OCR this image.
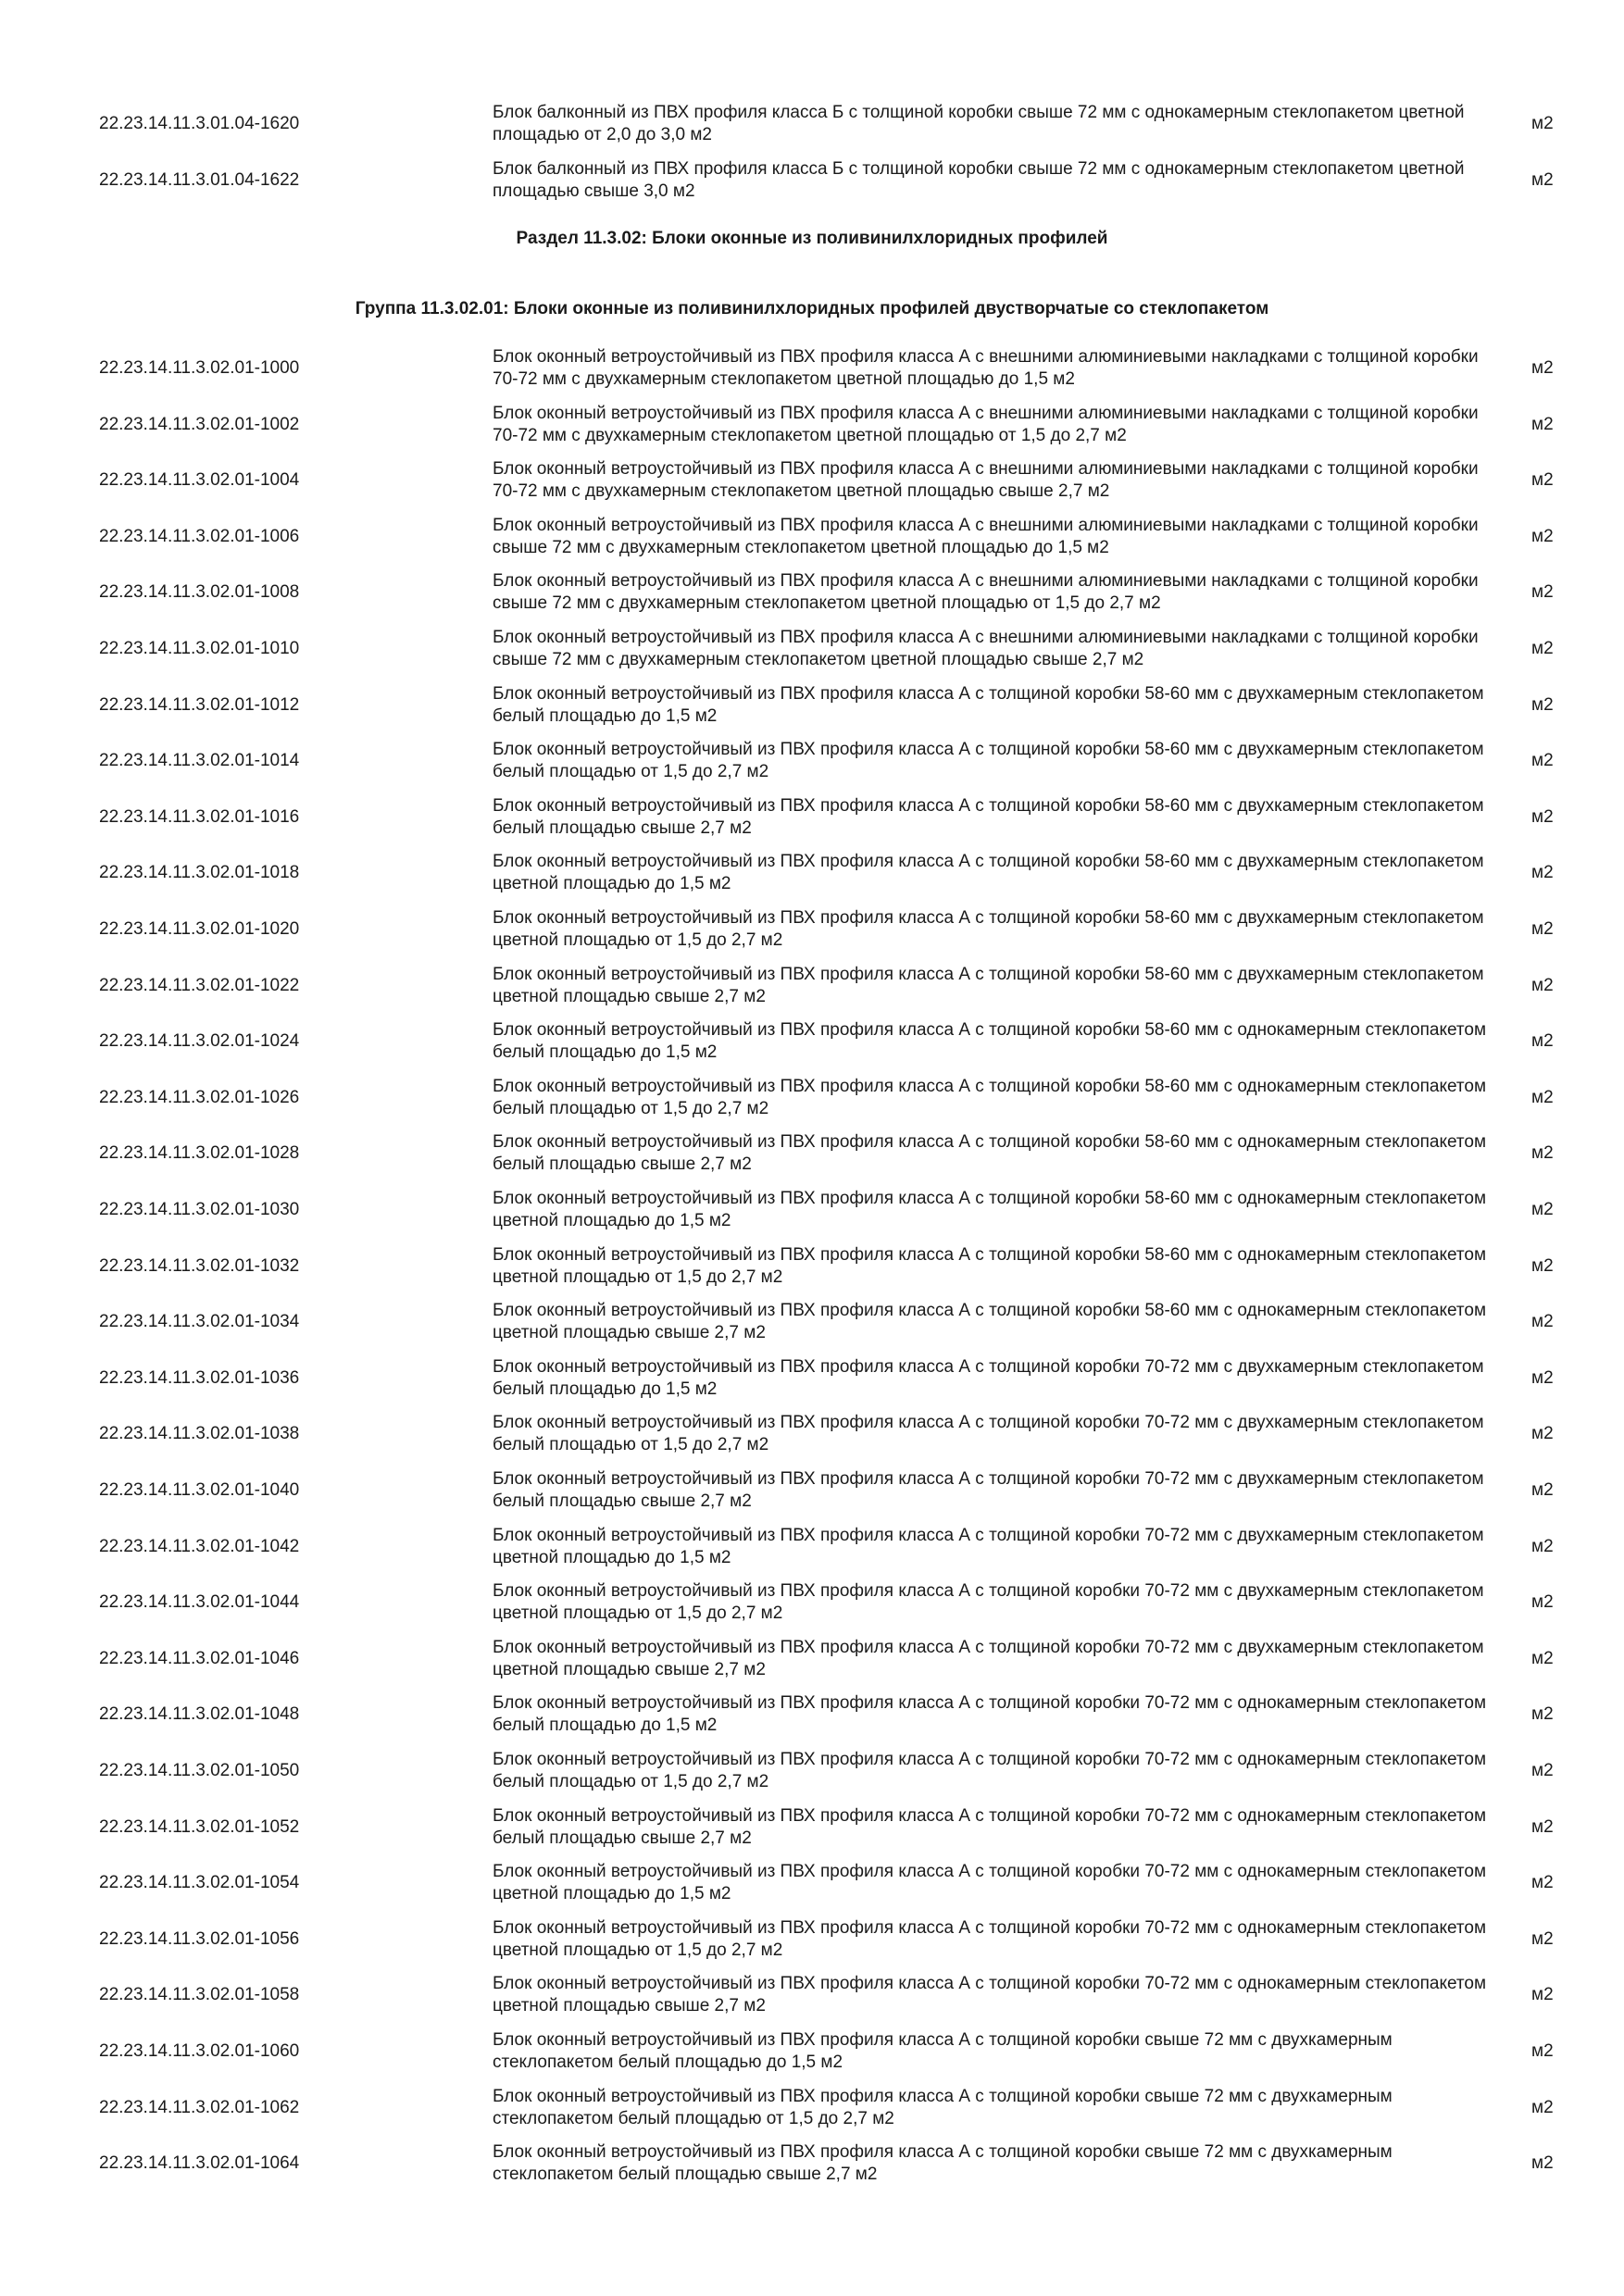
22.23.14.11.3.01.04-1620
Блок балконный из ПВХ профиля класса Б с толщиной коробки свыше 72 мм с однокамерным стеклопакетом цветной площадью от 2,0 до 3,0 м2
м2
22.23.14.11.3.01.04-1622
Блок балконный из ПВХ профиля класса Б с толщиной коробки свыше 72 мм с однокамерным стеклопакетом цветной площадью свыше 3,0 м2
м2
Раздел 11.3.02: Блоки оконные из поливинилхлоридных профилей
Группа 11.3.02.01: Блоки оконные из поливинилхлоридных профилей двустворчатые со стеклопакетом
22.23.14.11.3.02.01-1000
Блок оконный ветроустойчивый из ПВХ профиля класса А с внешними алюминиевыми накладками с толщиной коробки 70-72 мм с двухкамерным стеклопакетом цветной площадью до 1,5 м2
м2
22.23.14.11.3.02.01-1002
Блок оконный ветроустойчивый из ПВХ профиля класса А с внешними алюминиевыми накладками с толщиной коробки 70-72 мм с двухкамерным стеклопакетом цветной площадью от 1,5 до 2,7 м2
м2
22.23.14.11.3.02.01-1004
Блок оконный ветроустойчивый из ПВХ профиля класса А с внешними алюминиевыми накладками с толщиной коробки 70-72 мм с двухкамерным стеклопакетом цветной площадью свыше 2,7 м2
м2
22.23.14.11.3.02.01-1006
Блок оконный ветроустойчивый из ПВХ профиля класса А с внешними алюминиевыми накладками с толщиной коробки свыше 72 мм с двухкамерным стеклопакетом цветной площадью до 1,5 м2
м2
22.23.14.11.3.02.01-1008
Блок оконный ветроустойчивый из ПВХ профиля класса А с внешними алюминиевыми накладками с толщиной коробки свыше 72 мм с двухкамерным стеклопакетом цветной площадью от 1,5 до 2,7 м2
м2
22.23.14.11.3.02.01-1010
Блок оконный ветроустойчивый из ПВХ профиля класса А с внешними алюминиевыми накладками с толщиной коробки свыше 72 мм с двухкамерным стеклопакетом цветной площадью свыше 2,7 м2
м2
22.23.14.11.3.02.01-1012
Блок оконный ветроустойчивый из ПВХ профиля класса А с толщиной коробки 58-60 мм с двухкамерным стеклопакетом белый площадью до 1,5 м2
м2
22.23.14.11.3.02.01-1014
Блок оконный ветроустойчивый из ПВХ профиля класса А с толщиной коробки 58-60 мм с двухкамерным стеклопакетом белый площадью от 1,5 до 2,7 м2
м2
22.23.14.11.3.02.01-1016
Блок оконный ветроустойчивый из ПВХ профиля класса А с толщиной коробки 58-60 мм с двухкамерным стеклопакетом белый площадью свыше 2,7 м2
м2
22.23.14.11.3.02.01-1018
Блок оконный ветроустойчивый из ПВХ профиля класса А с толщиной коробки 58-60 мм с двухкамерным стеклопакетом цветной площадью до 1,5 м2
м2
22.23.14.11.3.02.01-1020
Блок оконный ветроустойчивый из ПВХ профиля класса А с толщиной коробки 58-60 мм с двухкамерным стеклопакетом цветной площадью от 1,5 до 2,7 м2
м2
22.23.14.11.3.02.01-1022
Блок оконный ветроустойчивый из ПВХ профиля класса А с толщиной коробки 58-60 мм с двухкамерным стеклопакетом цветной площадью свыше 2,7 м2
м2
22.23.14.11.3.02.01-1024
Блок оконный ветроустойчивый из ПВХ профиля класса А с толщиной коробки 58-60 мм с однокамерным стеклопакетом белый площадью до 1,5 м2
м2
22.23.14.11.3.02.01-1026
Блок оконный ветроустойчивый из ПВХ профиля класса А с толщиной коробки 58-60 мм с однокамерным стеклопакетом белый площадью от 1,5 до 2,7 м2
м2
22.23.14.11.3.02.01-1028
Блок оконный ветроустойчивый из ПВХ профиля класса А с толщиной коробки 58-60 мм с однокамерным стеклопакетом белый площадью свыше 2,7 м2
м2
22.23.14.11.3.02.01-1030
Блок оконный ветроустойчивый из ПВХ профиля класса А с толщиной коробки 58-60 мм с однокамерным стеклопакетом цветной площадью до 1,5 м2
м2
22.23.14.11.3.02.01-1032
Блок оконный ветроустойчивый из ПВХ профиля класса А с толщиной коробки 58-60 мм с однокамерным стеклопакетом цветной площадью от 1,5 до 2,7 м2
м2
22.23.14.11.3.02.01-1034
Блок оконный ветроустойчивый из ПВХ профиля класса А с толщиной коробки 58-60 мм с однокамерным стеклопакетом цветной площадью свыше 2,7 м2
м2
22.23.14.11.3.02.01-1036
Блок оконный ветроустойчивый из ПВХ профиля класса А с толщиной коробки 70-72 мм с двухкамерным стеклопакетом белый площадью до 1,5 м2
м2
22.23.14.11.3.02.01-1038
Блок оконный ветроустойчивый из ПВХ профиля класса А с толщиной коробки 70-72 мм с двухкамерным стеклопакетом белый площадью от 1,5 до 2,7 м2
м2
22.23.14.11.3.02.01-1040
Блок оконный ветроустойчивый из ПВХ профиля класса А с толщиной коробки 70-72 мм с двухкамерным стеклопакетом белый площадью свыше 2,7 м2
м2
22.23.14.11.3.02.01-1042
Блок оконный ветроустойчивый из ПВХ профиля класса А с толщиной коробки 70-72 мм с двухкамерным стеклопакетом цветной площадью до 1,5 м2
м2
22.23.14.11.3.02.01-1044
Блок оконный ветроустойчивый из ПВХ профиля класса А с толщиной коробки 70-72 мм с двухкамерным стеклопакетом цветной площадью от 1,5 до 2,7 м2
м2
22.23.14.11.3.02.01-1046
Блок оконный ветроустойчивый из ПВХ профиля класса А с толщиной коробки 70-72 мм с двухкамерным стеклопакетом цветной площадью свыше 2,7 м2
м2
22.23.14.11.3.02.01-1048
Блок оконный ветроустойчивый из ПВХ профиля класса А с толщиной коробки 70-72 мм с однокамерным стеклопакетом белый площадью до 1,5 м2
м2
22.23.14.11.3.02.01-1050
Блок оконный ветроустойчивый из ПВХ профиля класса А с толщиной коробки 70-72 мм с однокамерным стеклопакетом белый площадью от 1,5 до 2,7 м2
м2
22.23.14.11.3.02.01-1052
Блок оконный ветроустойчивый из ПВХ профиля класса А с толщиной коробки 70-72 мм с однокамерным стеклопакетом белый площадью свыше 2,7 м2
м2
22.23.14.11.3.02.01-1054
Блок оконный ветроустойчивый из ПВХ профиля класса А с толщиной коробки 70-72 мм с однокамерным стеклопакетом цветной площадью до 1,5 м2
м2
22.23.14.11.3.02.01-1056
Блок оконный ветроустойчивый из ПВХ профиля класса А с толщиной коробки 70-72 мм с однокамерным стеклопакетом цветной площадью от 1,5 до 2,7 м2
м2
22.23.14.11.3.02.01-1058
Блок оконный ветроустойчивый из ПВХ профиля класса А с толщиной коробки 70-72 мм с однокамерным стеклопакетом цветной площадью свыше 2,7 м2
м2
22.23.14.11.3.02.01-1060
Блок оконный ветроустойчивый из ПВХ профиля класса А с толщиной коробки свыше 72 мм с двухкамерным стеклопакетом белый площадью до 1,5 м2
м2
22.23.14.11.3.02.01-1062
Блок оконный ветроустойчивый из ПВХ профиля класса А с толщиной коробки свыше 72 мм с двухкамерным стеклопакетом белый площадью от 1,5 до 2,7 м2
м2
22.23.14.11.3.02.01-1064
Блок оконный ветроустойчивый из ПВХ профиля класса А с толщиной коробки свыше 72 мм с двухкамерным стеклопакетом белый площадью свыше 2,7 м2
м2
